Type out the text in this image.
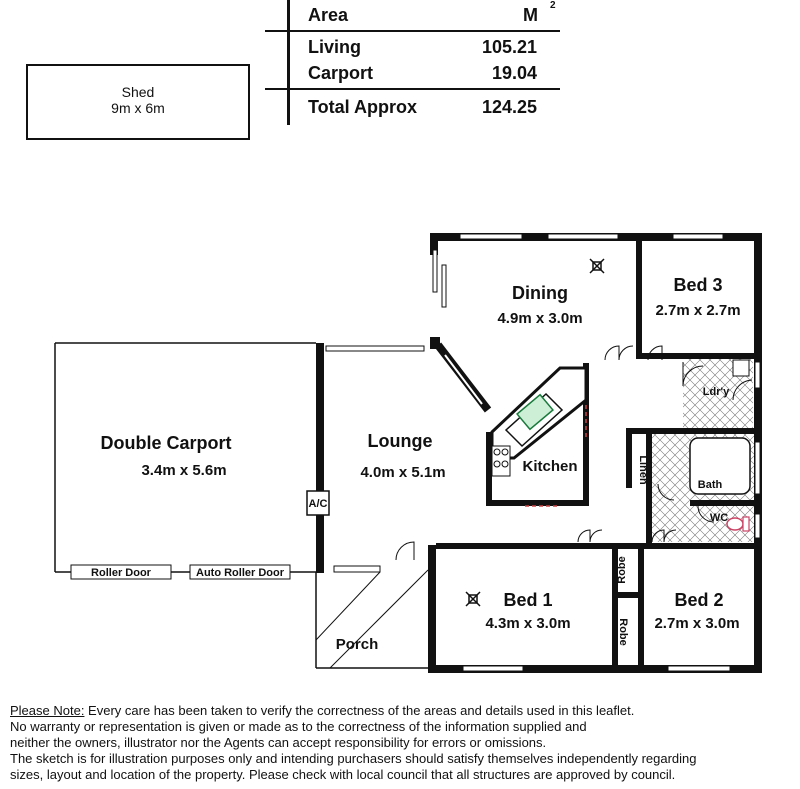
Area	M 2
Living	105.21
Carport	19.04
Total Approx	124.25
Shed
9m x 6m
Double Carport
3.4m x 5.6m
Lounge
4.0m x 5.1m
Dining
4.9m x 3.0m
Bed 3
2.7m x 2.7m
Kitchen
Bed 1
4.3m x 3.0m
Bed 2
2.7m x 3.0m
Porch
Ldr'y
Bath
WC
Linen
Robe
Robe
A/C
Roller Door	Auto Roller Door
Please Note: Every care has been taken to verify the correctness of the areas and details used in this leaflet.
No warranty or representation is given or made as to the correctness of the information supplied and
neither the owners, illustrator nor the Agents can accept responsibility for errors or omissions.
The sketch is for illustration purposes only and intending purchasers should satisfy themselves independently regarding
sizes, layout and location of the property. Please check with local council that all structures are approved by council.
